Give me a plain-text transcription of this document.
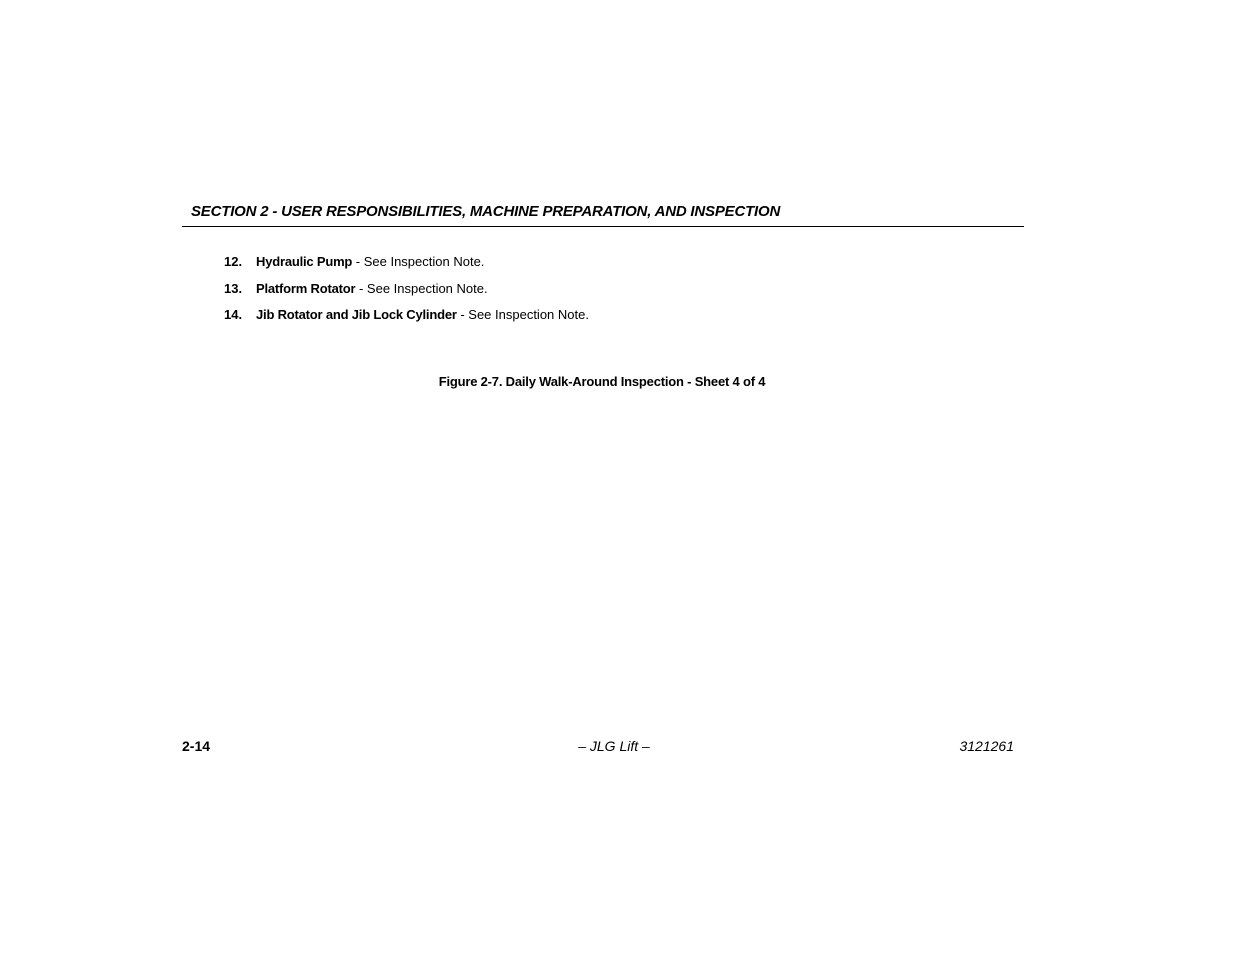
SECTION 2 - USER RESPONSIBILITIES, MACHINE PREPARATION, AND INSPECTION
12. Hydraulic Pump - See Inspection Note.
13. Platform Rotator - See Inspection Note.
14. Jib Rotator and Jib Lock Cylinder - See Inspection Note.
Figure 2-7. Daily Walk-Around Inspection - Sheet 4 of 4
2-14	– JLG Lift –	3121261
